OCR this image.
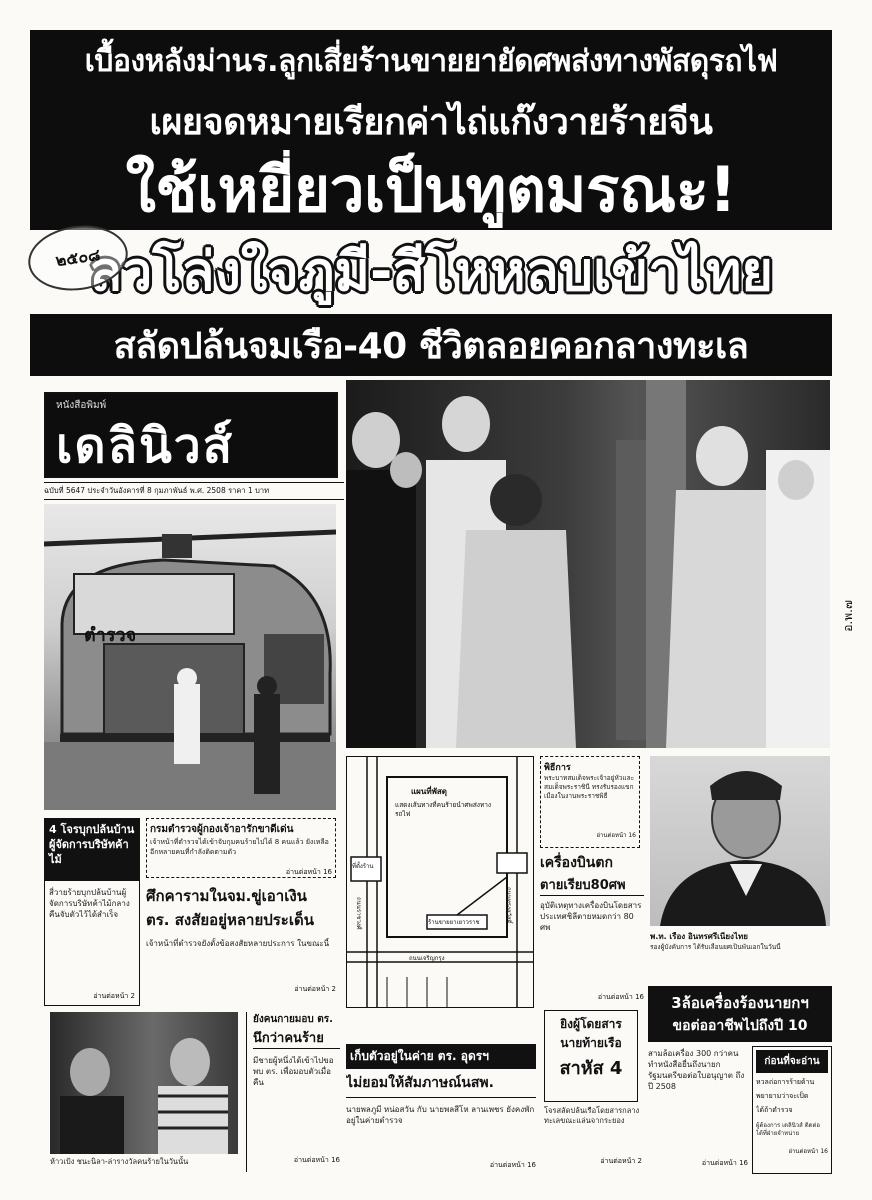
เบื้องหลังม่านร.ลูกเสี่ยร้านขายยายัดศพส่งทางพัสดุรถไฟ
เผยจดหมายเรียกค่าไถ่แก๊งวายร้ายจีน
ใช้เหยี่ยวเป็นทูตมรณะ!
ลวโล่งใจภูมี-สีโหหลบเข้าไทย
๒๕๐๘
สลัดปล้นจมเรือ-40 ชีวิตลอยคอกลางทะเล
หนังสือพิมพ์
เดลินิวส์
ฉบับที่ 5647 ประจำวันอังคารที่ 8 กุมภาพันธ์ พ.ศ. 2508 ราคา 1 บาท
ตำรวจ
อ.พ.๗
4 โจรบุกปล้นบ้านผู้จัดการบริษัทค้าไม้
สี่วายร้ายบุกปล้นบ้านผู้จัดการบริษัทค้าไม้กลางคืนจับตัวไว้ได้สำเร็จ
อ่านต่อหน้า 2
กรมตำรวจผู้กองเจ้าอารักขาดีเด่น
เจ้าหน้าที่ตำรวจได้เข้าจับกุมคนร้ายไปได้ 8 คนแล้ว ยังเหลืออีกหลายคนที่กำลังติดตามตัว
อ่านต่อหน้า 16
ศึกคารามในจม.ขู่เอาเงิน
ตร. สงสัยอยู่หลายประเด็น
เจ้าหน้าที่ตำรวจยังตั้งข้อสงสัยหลายประการ ในขณะนี้
อ่านต่อหน้า 2
แผนที่พัสดุ
แสดงเส้นทางที่คนร้ายนำศพส่งทางรถไฟ
ร้านขายยาเยาวราช
ที่ตั้งร้าน
ถนนเจริญกรุง
ถนนราชวงศ์	ถนนทรงสวัสดิ์
พิธีการ
พระบาทสมเด็จพระเจ้าอยู่หัวและสมเด็จพระราชินี ทรงรับรองแขกเมืองในงานพระราชพิธี
อ่านต่อหน้า 16
เครื่องบินตก
ตายเรียบ80ศพ
อุบัติเหตุทางเครื่องบินโดยสาร ประเทศชิลีตายหมดกว่า 80 ศพ
อ่านต่อหน้า 16
พ.ท. เรือง อินทรศรีเนียงไทย
รองผู้บังคับการ ได้รับเลื่อนยศเป็นพันเอกในวันนี้
ห้าวเป้ง ชนะนิลา-ล่ารางวัลคนร้ายในวันนั้น
ยังคนกายมอบ ตร.
นึกว่าคนร้าย
มีชายผู้หนึ่งได้เข้าไปขอพบ ตร. เพื่อมอบตัวเมื่อคืน
อ่านต่อหน้า 16
เก็บตัวอยู่ในค่าย ตร. อุดรฯ
ไม่ยอมให้สัมภาษณ์นสพ.
นายพลภูมี หน่อสวัน กับ นายพลสีโห ลานเพชร ยังคงพักอยู่ในค่ายตำรวจ
อ่านต่อหน้า 16
ยิงผู้โดยสาร
นายท้ายเรือ
สาหัส 4
โจรสลัดปล้นเรือโดยสารกลางทะเลขณะแล่นจากระยอง
อ่านต่อหน้า 2
3ล้อเครื่องร้องนายกฯ
ขอต่ออาชีพไปถึงปี 10
สามล้อเครื่อง 300 กว่าคน ทำหนังสือยื่นถึงนายกรัฐมนตรีขอต่อใบอนุญาต ถึงปี 2508
อ่านต่อหน้า 16
ก่อนที่จะอ่าน
หวลถ่อการร้ายด้าน
พยายามว่าจะเป็ด
ได้ถ้าตำรวจ
ผู้ต้องการ เดลินิวส์ ติดต่อได้ที่ฝ่ายจำหน่าย
อ่านต่อหน้า 16
